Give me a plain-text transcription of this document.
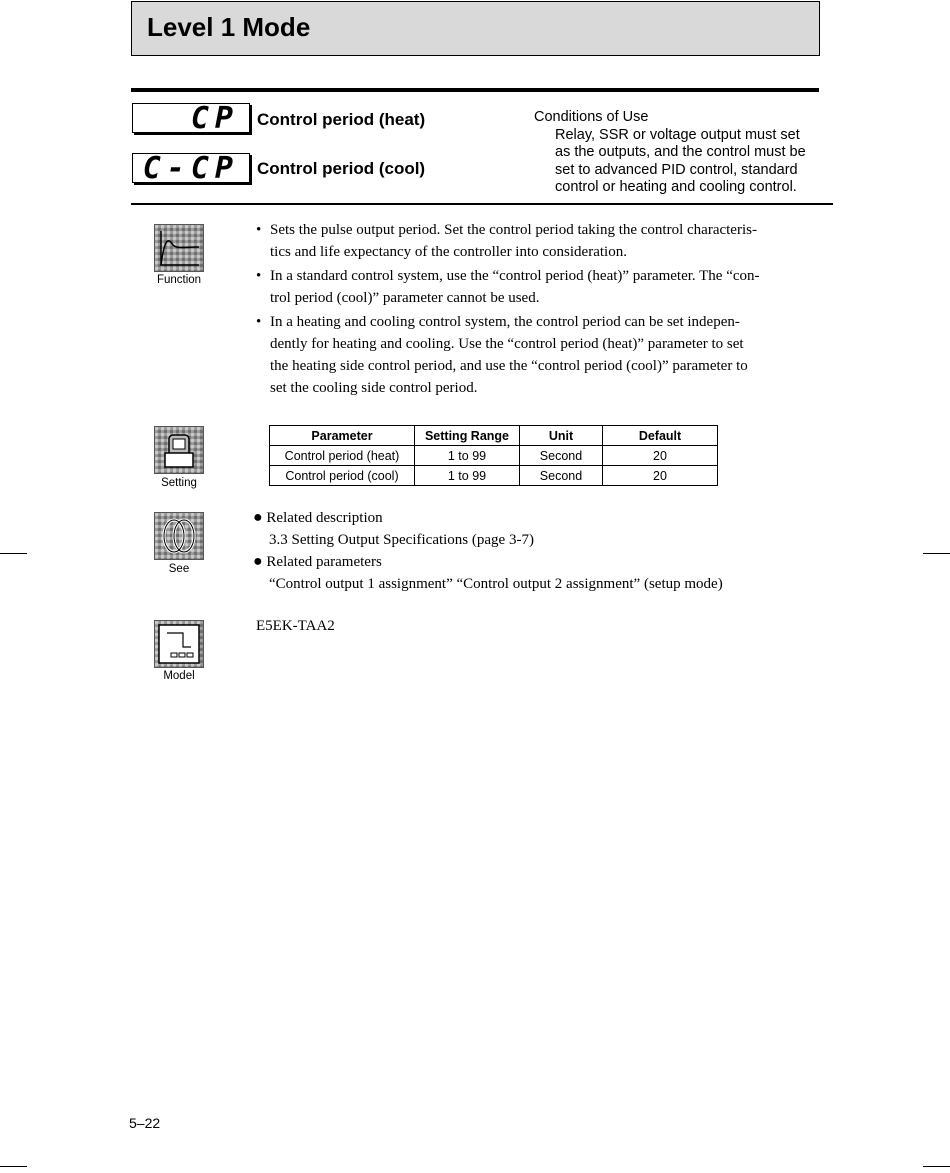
Level 1 Mode
CP	Control period (heat)
C-CP	Control period (cool)
Conditions of Use
Relay, SSR or voltage output must set
as the outputs, and the control must be
set to advanced PID control, standard
control or heating and cooling control.
Function
• Sets the pulse output period. Set the control period taking the control characteris-
tics and life expectancy of the controller into consideration.
• In a standard control system, use the “control period (heat)” parameter. The “con-
trol period (cool)” parameter cannot be used.
• In a heating and cooling control system, the control period can be set indepen-
dently for heating and cooling. Use the “control period (heat)” parameter to set
the heating side control period, and use the “control period (cool)” parameter to
set the cooling side control period.
Setting
Parameter	Setting Range	Unit	Default
Control period (heat)	1 to 99	Second	20
Control period (cool)	1 to 99	Second	20
See
● Related description
3.3 Setting Output Specifications (page 3-7)
● Related parameters
“Control output 1 assignment” “Control output 2 assignment” (setup mode)
Model
E5EK-TAA2
5–22
